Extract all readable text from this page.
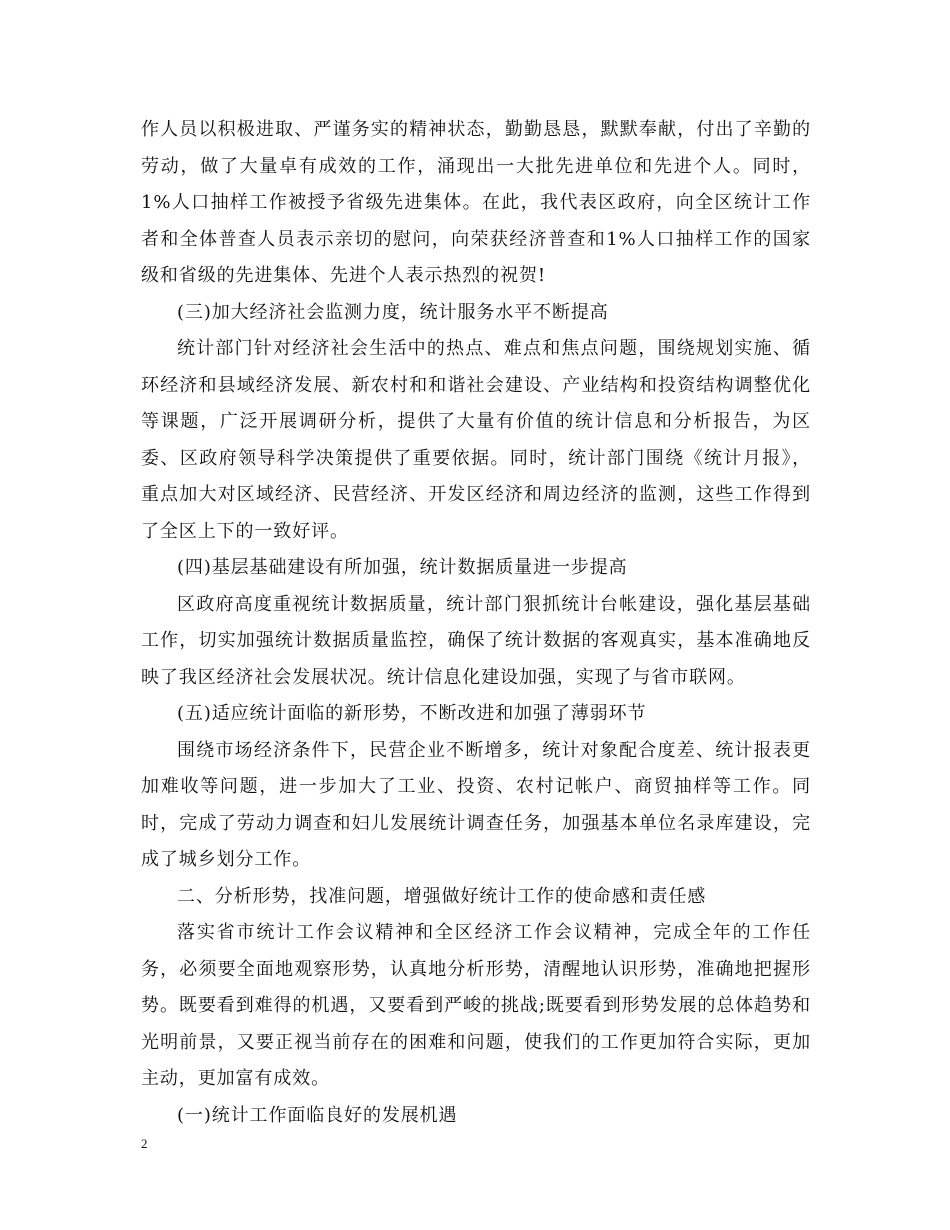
作人员以积极进取、严谨务实的精神状态，勤勤恳恳，默默奉献，付出了辛勤的劳动，做了大量卓有成效的工作，涌现出一大批先进单位和先进个人。同时，1%人口抽样工作被授予省级先进集体。在此，我代表区政府，向全区统计工作者和全体普查人员表示亲切的慰问，向荣获经济普查和1%人口抽样工作的国家级和省级的先进集体、先进个人表示热烈的祝贺!

(三)加大经济社会监测力度，统计服务水平不断提高

统计部门针对经济社会生活中的热点、难点和焦点问题，围绕规划实施、循环经济和县域经济发展、新农村和和谐社会建设、产业结构和投资结构调整优化等课题，广泛开展调研分析，提供了大量有价值的统计信息和分析报告，为区委、区政府领导科学决策提供了重要依据。同时，统计部门围绕《统计月报》，重点加大对区域经济、民营经济、开发区经济和周边经济的监测，这些工作得到了全区上下的一致好评。

(四)基层基础建设有所加强，统计数据质量进一步提高

区政府高度重视统计数据质量，统计部门狠抓统计台帐建设，强化基层基础工作，切实加强统计数据质量监控，确保了统计数据的客观真实，基本准确地反映了我区经济社会发展状况。统计信息化建设加强，实现了与省市联网。

(五)适应统计面临的新形势，不断改进和加强了薄弱环节

围绕市场经济条件下，民营企业不断增多，统计对象配合度差、统计报表更加难收等问题，进一步加大了工业、投资、农村记帐户、商贸抽样等工作。同时，完成了劳动力调查和妇儿发展统计调查任务，加强基本单位名录库建设，完成了城乡划分工作。

二、分析形势，找准问题，增强做好统计工作的使命感和责任感

落实省市统计工作会议精神和全区经济工作会议精神，完成全年的工作任务，必须要全面地观察形势，认真地分析形势，清醒地认识形势，准确地把握形势。既要看到难得的机遇，又要看到严峻的挑战;既要看到形势发展的总体趋势和光明前景，又要正视当前存在的困难和问题，使我们的工作更加符合实际，更加主动，更加富有成效。

(一)统计工作面临良好的发展机遇

2
